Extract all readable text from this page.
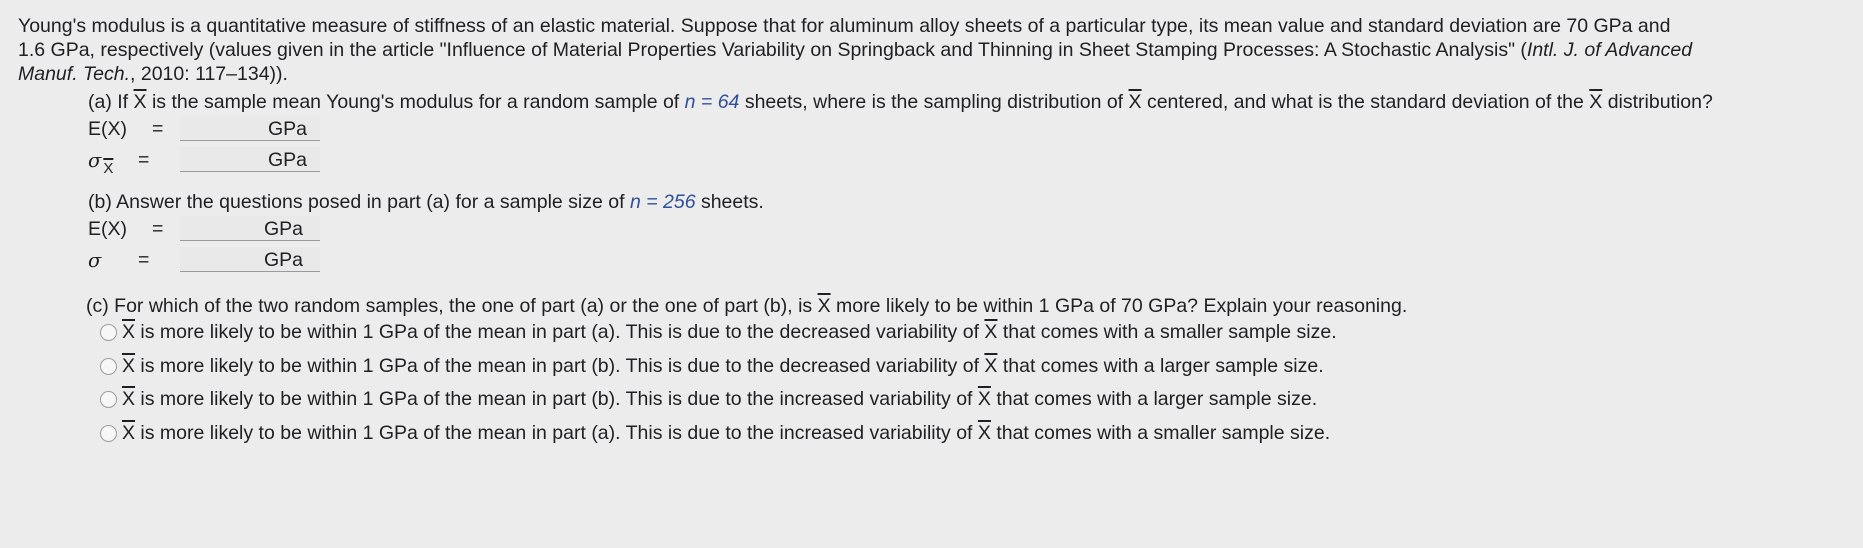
Young's modulus is a quantitative measure of stiffness of an elastic material. Suppose that for aluminum alloy sheets of a particular type, its mean value and standard deviation are 70 GPa and

1.6 GPa, respectively (values given in the article "Influence of Material Properties Variability on Springback and Thinning in Sheet Stamping Processes: A Stochastic Analysis" (Intl. J. of Advanced

Manuf. Tech., 2010: 117–134)).

(a) If $\overline{X}$ is the sample mean Young's modulus for a random sample of n = 64 sheets, where is the sampling distribution of $\overline{X}$ centered, and what is the standard deviation of the $\overline{X}$ distribution?
E(X) =	GPa
σ $_{\overline{X}}$ =	GPa
(b) Answer the questions posed in part (a) for a sample size of n = 256 sheets.
E(X) =	GPa
σ =	GPa
(c) For which of the two random samples, the one of part (a) or the one of part (b), is $\overline{X}$ more likely to be within 1 GPa of 70 GPa? Explain your reasoning.
$\overline{X}$ is more likely to be within 1 GPa of the mean in part (a). This is due to the decreased variability of $\overline{X}$ that comes with a smaller sample size.
$\overline{X}$ is more likely to be within 1 GPa of the mean in part (b). This is due to the decreased variability of $\overline{X}$ that comes with a larger sample size.
$\overline{X}$ is more likely to be within 1 GPa of the mean in part (b). This is due to the increased variability of $\overline{X}$ that comes with a larger sample size.
$\overline{X}$ is more likely to be within 1 GPa of the mean in part (a). This is due to the increased variability of $\overline{X}$ that comes with a smaller sample size.
